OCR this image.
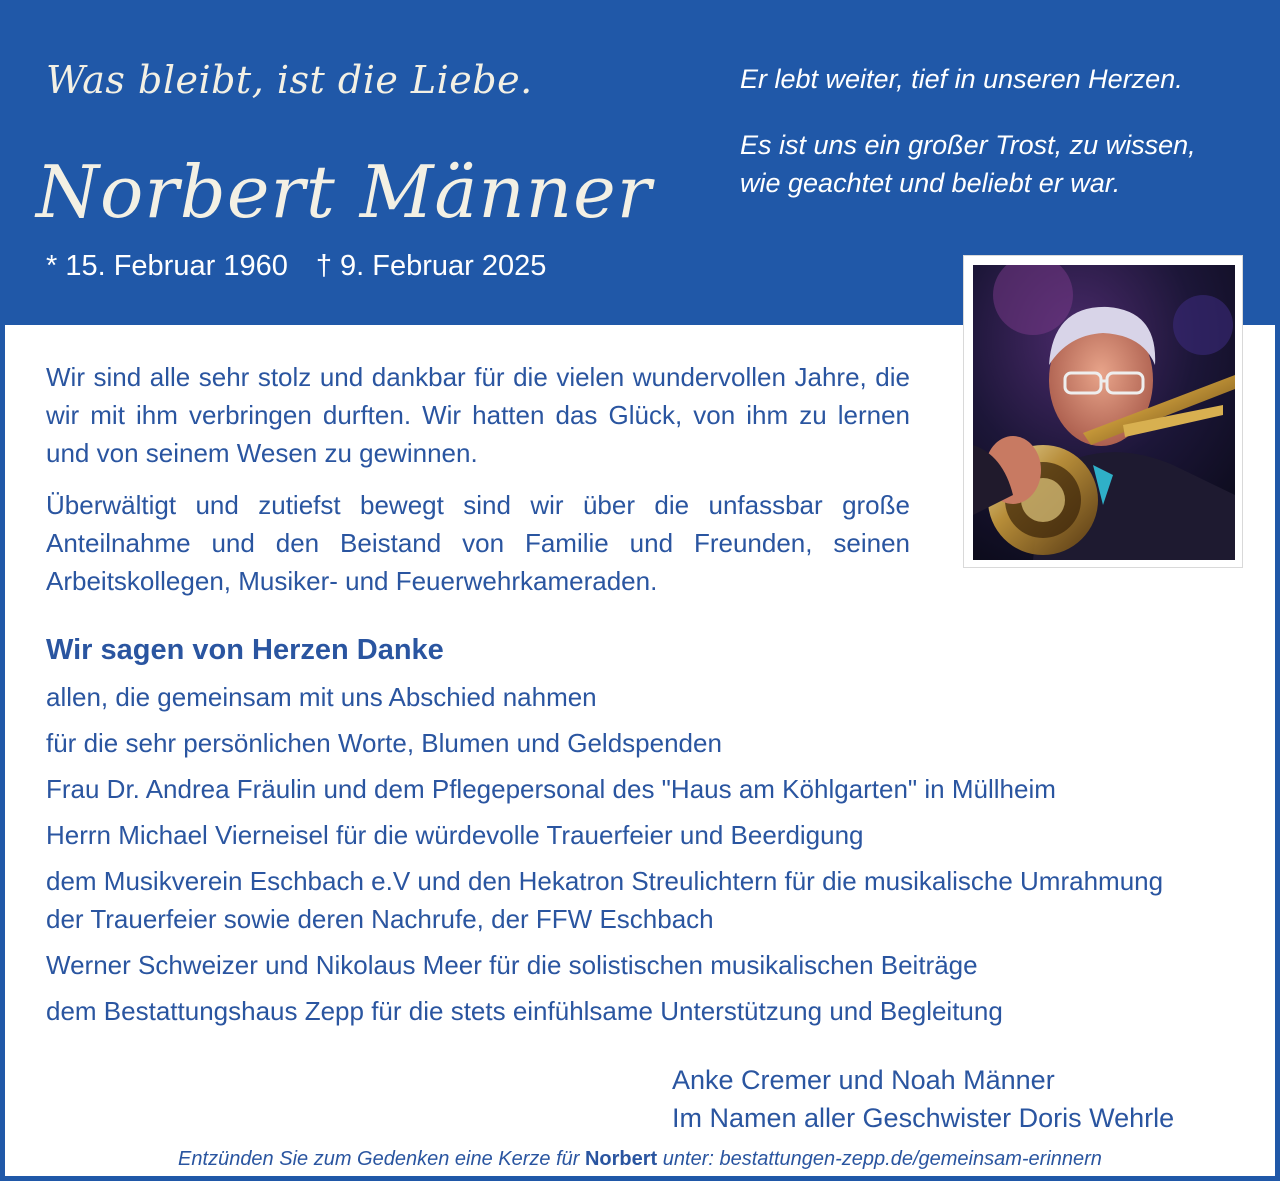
Was bleibt, ist die Liebe.
Norbert Männer
* 15. Februar 1960 † 9. Februar 2025
Er lebt weiter, tief in unseren Herzen.
Es ist uns ein großer Trost, zu wissen,
wie geachtet und beliebt er war.
Wir sind alle sehr stolz und dankbar für die vielen wundervollen Jahre, die wir mit ihm verbringen durften. Wir hatten das Glück, von ihm zu lernen und von seinem Wesen zu gewinnen.
Überwältigt und zutiefst bewegt sind wir über die unfassbar große Anteilnahme und den Beistand von Familie und Freunden, seinen Arbeitskollegen, Musiker- und Feuerwehrkameraden.
Wir sagen von Herzen Danke
allen, die gemeinsam mit uns Abschied nahmen
für die sehr persönlichen Worte, Blumen und Geldspenden
Frau Dr. Andrea Fräulin und dem Pflegepersonal des "Haus am Köhlgarten" in Müllheim
Herrn Michael Vierneisel für die würdevolle Trauerfeier und Beerdigung
dem Musikverein Eschbach e.V und den Hekatron Streulichtern für die musikalische Umrahmung der Trauerfeier sowie deren Nachrufe, der FFW Eschbach
Werner Schweizer und Nikolaus Meer für die solistischen musikalischen Beiträge
dem Bestattungshaus Zepp für die stets einfühlsame Unterstützung und Begleitung
Anke Cremer und Noah Männer
Im Namen aller Geschwister Doris Wehrle
Entzünden Sie zum Gedenken eine Kerze für Norbert unter: bestattungen-zepp.de/gemeinsam-erinnern
